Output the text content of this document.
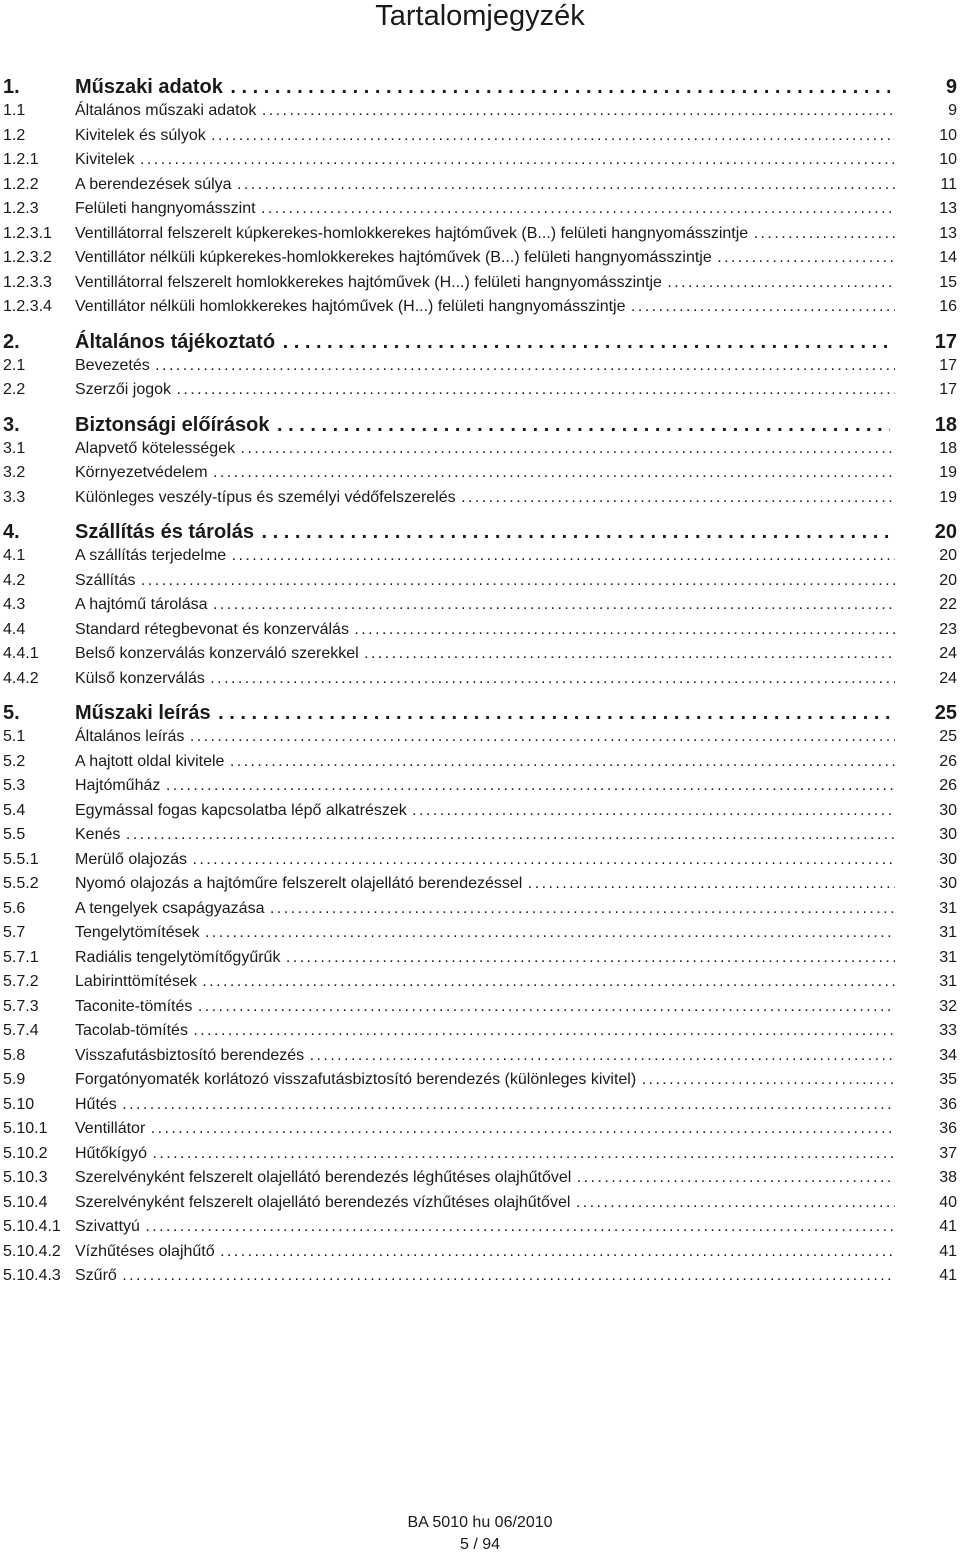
Tartalomjegyzék
1.	Műszaki adatok . . .	9
1.1	Általános műszaki adatok . . .	9
1.2	Kivitelek és súlyok . . .	10
1.2.1 Kivitelek . . .	10
1.2.2 A berendezések súlya . . .	11
1.2.3 Felületi hangnyomásszint . . .	13
1.2.3.1 Ventillátorral felszerelt kúpkerekes-homlokkerekes hajtóművek (B...) felületi hangnyomásszintje . . .	13
1.2.3.2 Ventillátor nélküli kúpkerekes-homlokkerekes hajtóművek (B...) felületi hangnyomásszintje . . .	14
1.2.3.3 Ventillátorral felszerelt homlokkerekes hajtóművek (H...) felületi hangnyomásszintje . . .	15
1.2.3.4 Ventillátor nélküli homlokkerekes hajtóművek (H...) felületi hangnyomásszintje . . .	16
2.	Általános tájékoztató . . .	17
2.1	Bevezetés . . .	17
2.2	Szerzői jogok . . .	17
3.	Biztonsági előírások . . .	18
3.1	Alapvető kötelességek . . .	18
3.2	Környezetvédelem . . .	19
3.3	Különleges veszély-típus és személyi védőfelszerelés . . .	19
4.	Szállítás és tárolás . . .	20
4.1	A szállítás terjedelme . . .	20
4.2	Szállítás . . .	20
4.3	A hajtómű tárolása . . .	22
4.4	Standard rétegbevonat és konzerválás . . .	23
4.4.1 Belső konzerválás konzerváló szerekkel . . .	24
4.4.2 Külső konzerválás . . .	24
5.	Műszaki leírás . . .	25
5.1	Általános leírás . . .	25
5.2	A hajtott oldal kivitele . . .	26
5.3	Hajtóműház . . .	26
5.4	Egymással fogas kapcsolatba lépő alkatrészek . . .	30
5.5	Kenés . . .	30
5.5.1 Merülő olajozás . . .	30
5.5.2 Nyomó olajozás a hajtóműre felszerelt olajellátó berendezéssel . . .	30
5.6	A tengelyek csapágyazása . . .	31
5.7	Tengelytömítések . . .	31
5.7.1 Radiális tengelytömítőgyűrűk . . .	31
5.7.2 Labirinttömítések . . .	31
5.7.3 Taconite-tömítés . . .	32
5.7.4 Tacolab-tömítés . . .	33
5.8	Visszafutásbiztosító berendezés . . .	34
5.9	Forgatónyomaték korlátozó visszafutásbiztosító berendezés (különleges kivitel) . . .	35
5.10	Hűtés . . .	36
5.10.1 Ventillátor . . .	36
5.10.2 Hűtőkígyó . . .	37
5.10.3 Szerelvényként felszerelt olajellátó berendezés léghűtéses olajhűtővel . . .	38
5.10.4 Szerelvényként felszerelt olajellátó berendezés vízhűtéses olajhűtővel . . .	40
5.10.4.1 Szivattyú . . .	41
5.10.4.2 Vízhűtéses olajhűtő . . .	41
5.10.4.3 Szűrő . . .	41
BA 5010 hu 06/2010
5 / 94
